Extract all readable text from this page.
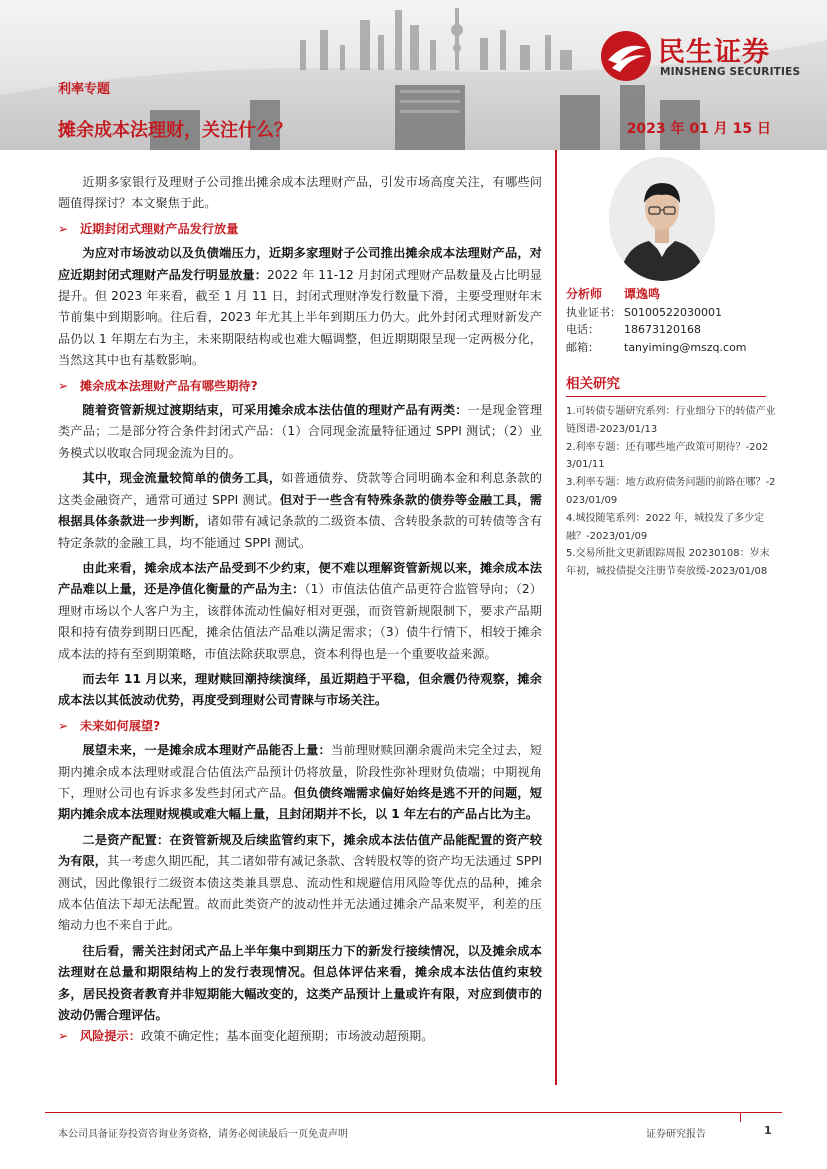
民生证券
MINSHENG SECURITIES
利率专题
摊余成本法理财，关注什么？	2023 年 01 月 15 日

近期多家银行及理财子公司推出摊余成本法理财产品，引发市场高度关注，有哪些问题值得探讨？本文聚焦于此。

➢ 近期封闭式理财产品发行放量

为应对市场波动以及负债端压力，近期多家理财子公司推出摊余成本法理财产品，对应近期封闭式理财产品发行明显放量：2022 年 11-12 月封闭式理财产品数量及占比明显提升。但 2023 年来看，截至 1 月 11 日，封闭式理财净发行数量下滑，主要受理财年末节前集中到期影响。往后看，2023 年尤其上半年到期压力仍大。此外封闭式理财新发产品仍以 1 年期左右为主，未来期限结构或也难大幅调整，但近期期限呈现一定两极分化，当然这其中也有基数影响。

➢ 摊余成本法理财产品有哪些期待?

随着资管新规过渡期结束，可采用摊余成本法估值的理财产品有两类：一是现金管理类产品；二是部分符合条件封闭式产品：（1）合同现金流量特征通过 SPPI 测试；（2）业务模式以收取合同现金流为目的。

其中，现金流量较简单的债务工具，如普通债券、贷款等合同明确本金和利息条款的这类金融资产，通常可通过 SPPI 测试。但对于一些含有特殊条款的债券等金融工具，需根据具体条款进一步判断，诸如带有减记条款的二级资本债、含转股条款的可转债等含有特定条款的金融工具，均不能通过 SPPI 测试。

由此来看，摊余成本法产品受到不少约束，便不难以理解资管新规以来，摊余成本法产品难以上量，还是净值化衡量的产品为主：（1）市值法估值产品更符合监管导向；（2）理财市场以个人客户为主，该群体流动性偏好相对更强，而资管新规限制下，要求产品期限和持有债券到期日匹配，摊余估值法产品难以满足需求；（3）债牛行情下，相较于摊余成本法的持有至到期策略，市值法除获取票息，资本利得也是一个重要收益来源。

而去年 11 月以来，理财赎回潮持续演绎，虽近期趋于平稳，但余震仍待观察，摊余成本法以其低波动优势，再度受到理财公司青睐与市场关注。

➢ 未来如何展望?

展望未来，一是摊余成本理财产品能否上量：当前理财赎回潮余震尚未完全过去，短期内摊余成本法理财或混合估值法产品预计仍将放量，阶段性弥补理财负债端；中期视角下，理财公司也有诉求多发些封闭式产品。但负债终端需求偏好始终是逃不开的问题，短期内摊余成本法理财规模或难大幅上量，且封闭期并不长，以 1 年左右的产品占比为主。

二是资产配置：在资管新规及后续监管约束下，摊余成本法估值产品能配置的资产较为有限，其一考虑久期匹配，其二诸如带有减记条款、含转股权等的资产均无法通过 SPPI 测试，因此像银行二级资本债这类兼具票息、流动性和规避信用风险等优点的品种，摊余成本估值法下却无法配置。故而此类资产的波动性并无法通过摊余产品来熨平，利差的压缩动力也不来自于此。

往后看，需关注封闭式产品上半年集中到期压力下的新发行接续情况，以及摊余成本法理财在总量和期限结构上的发行表现情况。但总体评估来看，摊余成本法估值约束较多，居民投资者教育并非短期能大幅改变的，这类产品预计上量或许有限，对应到债市的波动仍需合理评估。

➢ 风险提示：政策不确定性；基本面变化超预期；市场波动超预期。

分析师	谭逸鸣
执业证书： S0100522030001
电话：	18673120168
邮箱：	tanyiming@mszq.com
相关研究
1.可转债专题研究系列：行业细分下的转债产业链图谱-2023/01/13
2.利率专题：还有哪些地产政策可期待？-2023/01/11
3.利率专题：地方政府债务问题的前路在哪？-2023/01/09
4.城投随笔系列：2022 年，城投发了多少定融？-2023/01/09
5.交易所批文更新跟踪周报 20230108：岁末年初，城投债提交注册节奏放缓-2023/01/08
本公司具备证券投资咨询业务资格，请务必阅读最后一页免责声明	证券研究报告	1
